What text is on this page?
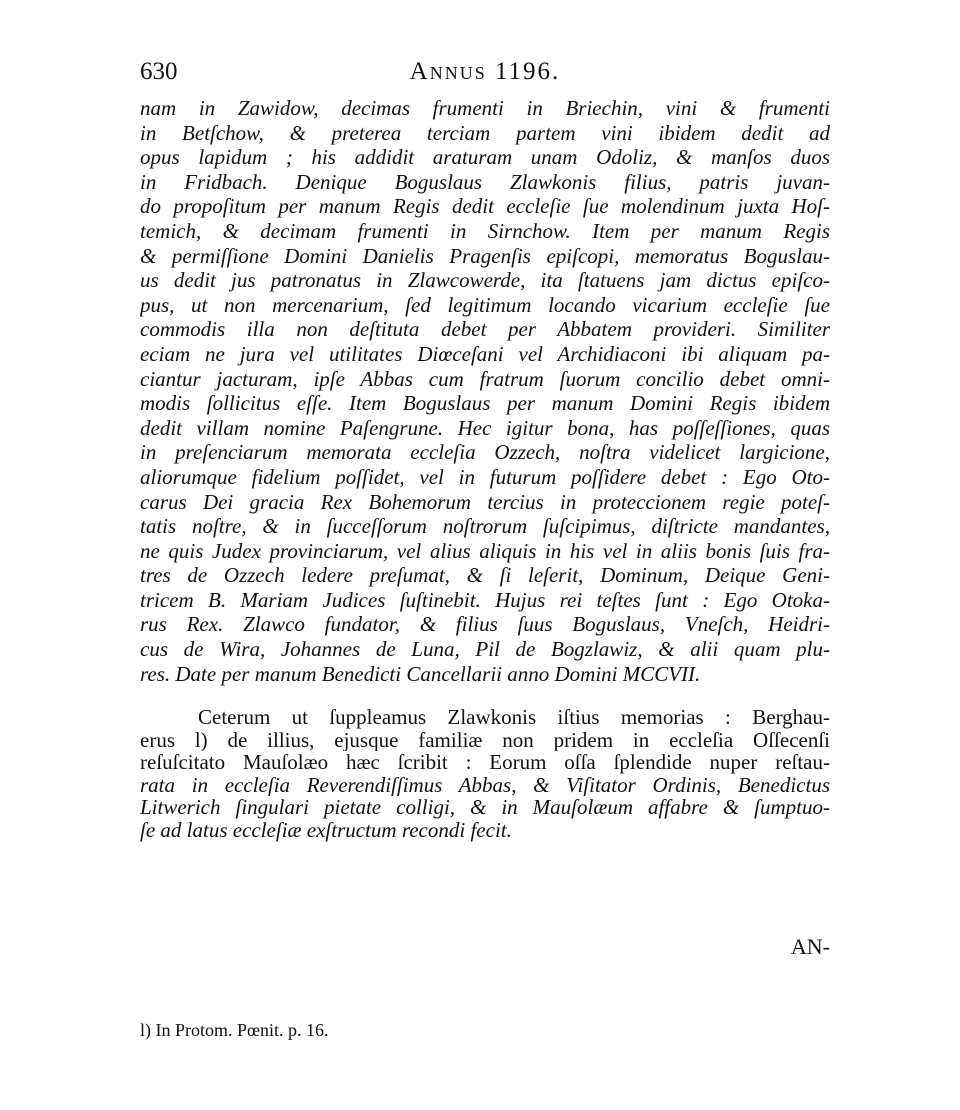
630	Annus 1196.
nam in Zawidow, decimas frumenti in Briechin, vini & frumenti
in Betſchow, & preterea terciam partem vini ibidem dedit ad
opus lapidum ; his addidit araturam unam Odoliz, & manſos duos
in Fridbach. Denique Boguslaus Zlawkonis filius, patris juvan-
do propoſitum per manum Regis dedit eccleſie ſue molendinum juxta Hoſ-
temich, & decimam frumenti in Sirnchow. Item per manum Regis
& permiſſione Domini Danielis Pragenſis epiſcopi, memoratus Boguslau-
us dedit jus patronatus in Zlawcowerde, ita ſtatuens jam dictus epiſco-
pus, ut non mercenarium, ſed legitimum locando vicarium eccleſie ſue
commodis illa non deſtituta debet per Abbatem provideri. Similiter
eciam ne jura vel utilitates Diœceſani vel Archidiaconi ibi aliquam pa-
ciantur jacturam, ipſe Abbas cum fratrum ſuorum concilio debet omni-
modis ſollicitus eſſe. Item Boguslaus per manum Domini Regis ibidem
dedit villam nomine Paſengrune. Hec igitur bona, has poſſeſſiones, quas
in preſenciarum memorata eccleſia Ozzech, noſtra videlicet largicione,
aliorumque fidelium poſſidet, vel in futurum poſſidere debet : Ego Oto-
carus Dei gracia Rex Bohemorum tercius in proteccionem regie poteſ-
tatis noſtre, & in ſucceſſorum noſtrorum ſuſcipimus, diſtricte mandantes,
ne quis Judex provinciarum, vel alius aliquis in his vel in aliis bonis ſuis fra-
tres de Ozzech ledere preſumat, & ſi leſerit, Dominum, Deique Geni-
tricem B. Mariam Judices ſuſtinebit. Hujus rei teſtes ſunt : Ego Otoka-
rus Rex. Zlawco fundator, & filius ſuus Boguslaus, Vneſch, Heidri-
cus de Wira, Johannes de Luna, Pil de Bogzlawiz, & alii quam plu-
res. Date per manum Benedicti Cancellarii anno Domini MCCVII.
Ceterum ut ſuppleamus Zlawkonis iſtius memorias : Berghau-
erus l) de illius, ejusque familiæ non pridem in eccleſia Oſſecenſi
reſuſcitato Mauſolæo hæc ſcribit : Eorum oſſa ſplendide nuper reſtau-
rata in eccleſia Reverendiſſimus Abbas, & Viſitator Ordinis, Benedictus
Litwerich ſingulari pietate colligi, & in Mauſolæum affabre & ſumptuo-
ſe ad latus eccleſiæ exſtructum recondi fecit.
AN-
l) In Protom. Pœnit. p. 16.
